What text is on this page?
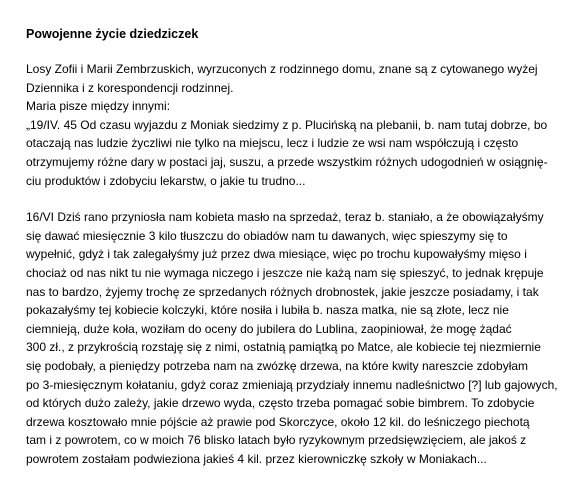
Powojenne życie dziedziczek
Losy Zofii i Marii Zembrzuskich, wyrzuconych z rodzinnego domu, znane są z cytowanego wyżej
Dziennika i z korespondencji rodzinnej.
Maria pisze między innymi:
„19/IV. 45 Od czasu wyjazdu z Moniak siedzimy z p. Plucińską na plebanii, b. nam tutaj dobrze, bo
otaczają nas ludzie życzliwi nie tylko na miejscu, lecz i ludzie ze wsi nam współczują i często
otrzymujemy różne dary w postaci jaj, suszu, a przede wszystkim różnych udogodnień w osiągnię-
ciu produktów i zdobyciu lekarstw, o jakie tu trudno...
16/VI Dziś rano przyniosła nam kobieta masło na sprzedaż, teraz b. staniało, a że obowiązałyśmy
się dawać miesięcznie 3 kilo tłuszczu do obiadów nam tu dawanych, więc spieszymy się to
wypełnić, gdyż i tak zalegałyśmy już przez dwa miesiące, więc po trochu kupowałyśmy mięso i
chociaż od nas nikt tu nie wymaga niczego i jeszcze nie każą nam się spieszyć, to jednak krępuje
nas to bardzo, żyjemy trochę ze sprzedanych różnych drobnostek, jakie jeszcze posiadamy, i tak
pokazałyśmy tej kobiecie kolczyki, które nosiła i lubiła b. nasza matka, nie są złote, lecz nie
ciemnieją, duże koła, woziłam do oceny do jubilera do Lublina, zaopiniował, że mogę żądać
300 zł., z przykrością rozstaję się z nimi, ostatnią pamiątką po Matce, ale kobiecie tej niezmiernie
się podobały, a pieniędzy potrzeba nam na zwózkę drzewa, na które kwity nareszcie zdobyłam
po 3-miesięcznym kołataniu, gdyż coraz zmieniają przydziały innemu nadleśnictwo [?] lub gajowych,
od których dużo zależy, jakie drzewo wyda, często trzeba pomagać sobie bimbrem. To zdobycie
drzewa kosztowało mnie pójście aż prawie pod Skorczyce, około 12 kil. do leśniczego piechotą
tam i z powrotem, co w moich 76 blisko latach było ryzykownym przedsięwzięciem, ale jakoś z
powrotem zostałam podwieziona jakieś 4 kil. przez kierowniczkę szkoły w Moniakach...
